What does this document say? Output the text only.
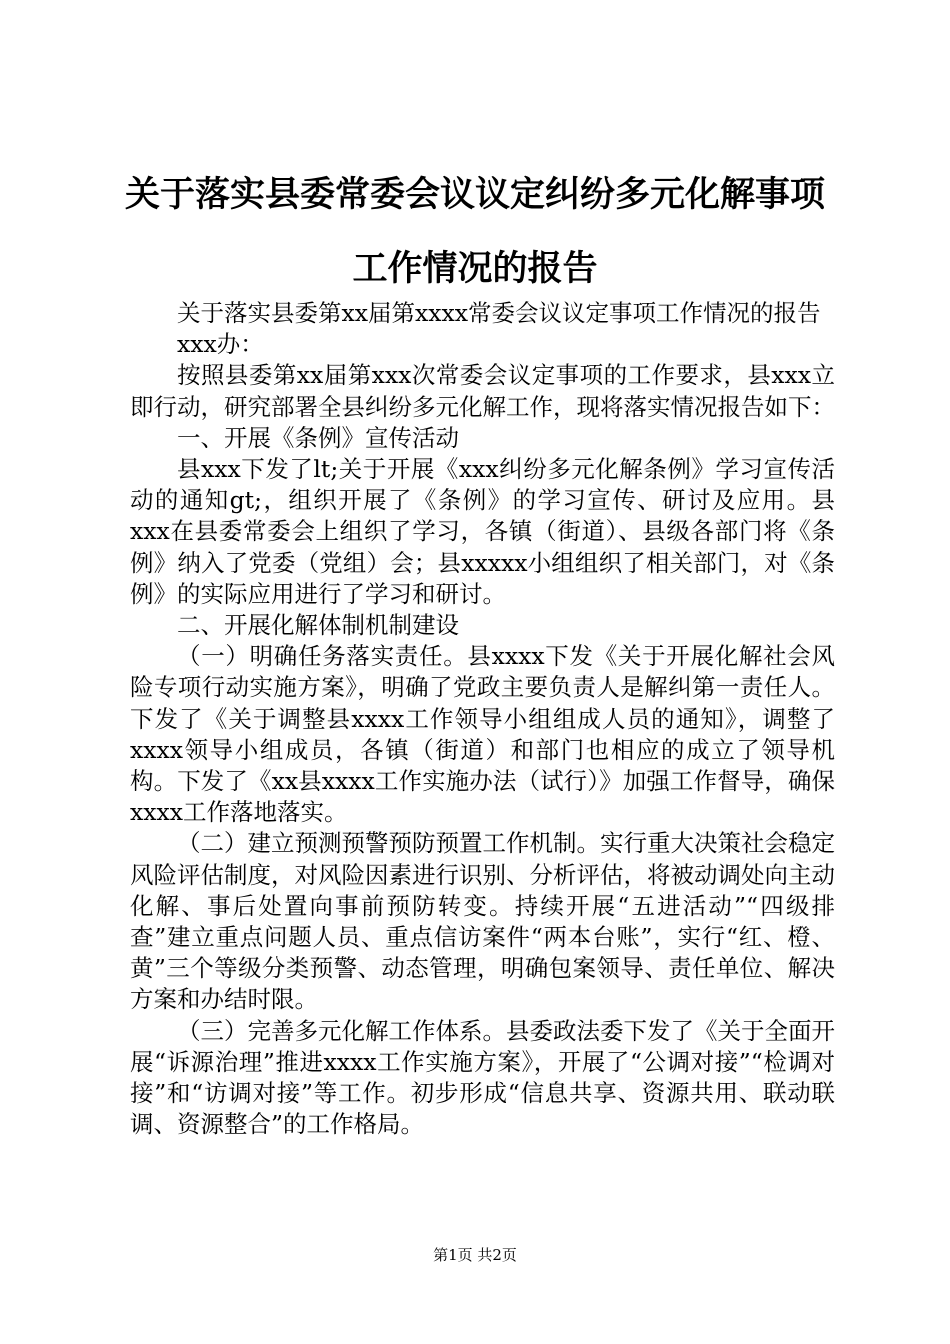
关于落实县委常委会议议定纠纷多元化解事项工作情况的报告

关于落实县委第xx届第xxxx常委会议议定事项工作情况的报告

xxx办：

按照县委第xx届第xxx次常委会议定事项的工作要求，县xxx立即行动，研究部署全县纠纷多元化解工作，现将落实情况报告如下：

一、开展《条例》宣传活动

县xxx下发了lt;关于开展《xxx纠纷多元化解条例》学习宣传活动的通知gt;，组织开展了《条例》的学习宣传、研讨及应用。县xxx在县委常委会上组织了学习，各镇（街道）、县级各部门将《条例》纳入了党委（党组）会；县xxxxx小组组织了相关部门，对《条例》的实际应用进行了学习和研讨。

二、开展化解体制机制建设

（一）明确任务落实责任。县xxxx下发《关于开展化解社会风险专项行动实施方案》，明确了党政主要负责人是解纠第一责任人。下发了《关于调整县xxxx工作领导小组组成人员的通知》，调整了xxxx领导小组成员，各镇（街道）和部门也相应的成立了领导机构。下发了《xx县xxxx工作实施办法（试行）》加强工作督导，确保xxxx工作落地落实。

（二）建立预测预警预防预置工作机制。实行重大决策社会稳定风险评估制度，对风险因素进行识别、分析评估，将被动调处向主动化解、事后处置向事前预防转变。持续开展“五进活动”“四级排查”建立重点问题人员、重点信访案件“两本台账”，实行“红、橙、黄”三个等级分类预警、动态管理，明确包案领导、责任单位、解决方案和办结时限。

（三）完善多元化解工作体系。县委政法委下发了《关于全面开展“诉源治理”推进xxxx工作实施方案》，开展了“公调对接”“检调对接”和“访调对接”等工作。初步形成“信息共享、资源共用、联动联调、资源整合”的工作格局。

第1页 共2页
